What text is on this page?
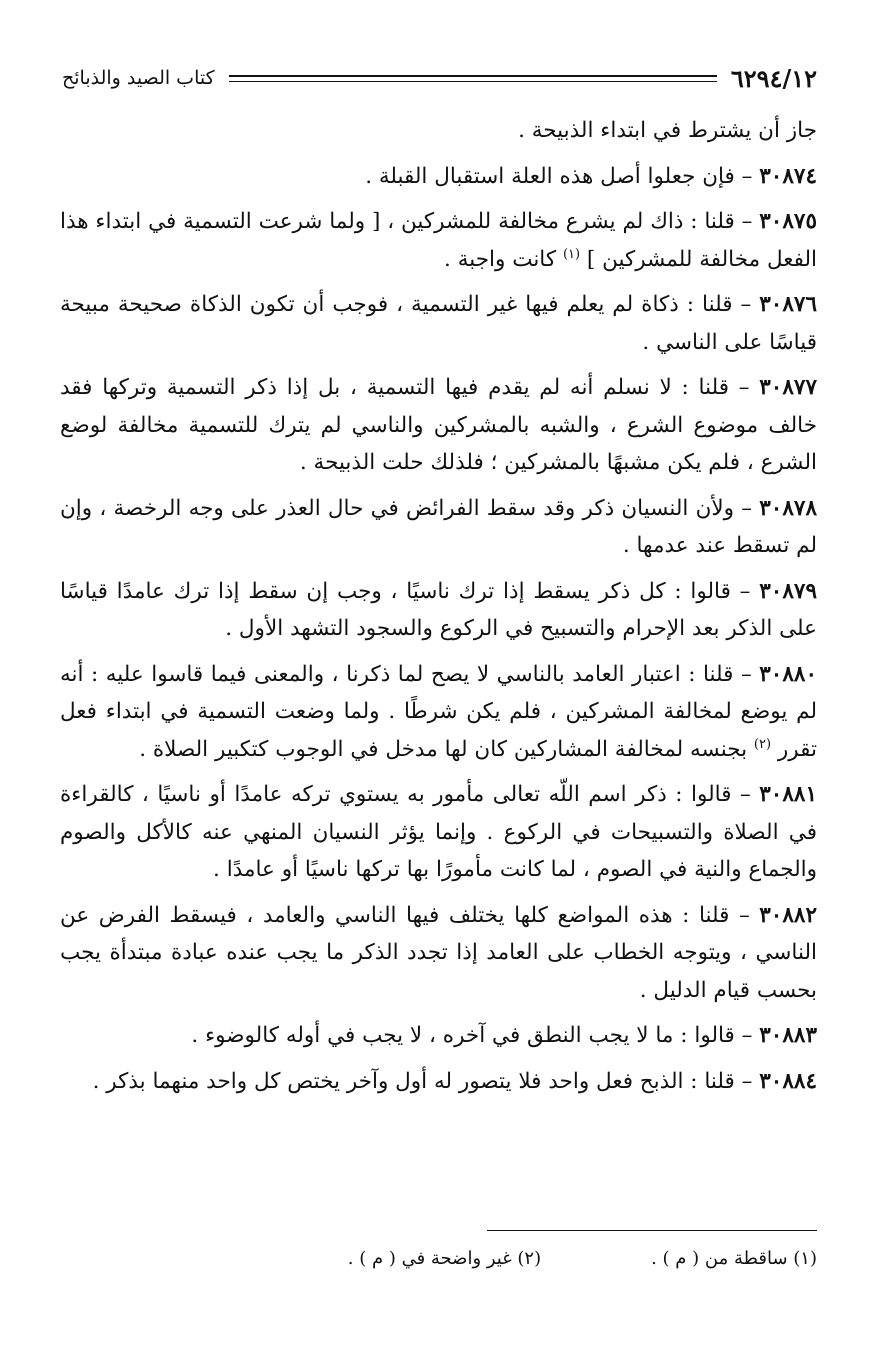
٦٢٩٤/١٢
كتاب الصيد والذبائح

جاز أن يشترط في ابتداء الذبيحة .

٣٠٨٧٤ – فإن جعلوا أصل هذه العلة استقبال القبلة .

٣٠٨٧٥ – قلنا : ذاك لم يشرع مخالفة للمشركين ، [ ولما شرعت التسمية في ابتداء هذا الفعل مخالفة للمشركين ] $^{(١)}$ كانت واجبة .

٣٠٨٧٦ – قلنا : ذكاة لم يعلم فيها غير التسمية ، فوجب أن تكون الذكاة صحيحة مبيحة قياسًا على الناسي .

٣٠٨٧٧ – قلنا : لا نسلم أنه لم يقدم فيها التسمية ، بل إذا ذكر التسمية وتركها فقد خالف موضوع الشرع ، والشبه بالمشركين والناسي لم يترك للتسمية مخالفة لوضع الشرع ، فلم يكن مشبهًا بالمشركين ؛ فلذلك حلت الذبيحة .

٣٠٨٧٨ – ولأن النسيان ذكر وقد سقط الفرائض في حال العذر على وجه الرخصة ، وإن لم تسقط عند عدمها .

٣٠٨٧٩ – قالوا : كل ذكر يسقط إذا ترك ناسيًا ، وجب إن سقط إذا ترك عامدًا قياسًا على الذكر بعد الإحرام والتسبيح في الركوع والسجود التشهد الأول .

٣٠٨٨٠ – قلنا : اعتبار العامد بالناسي لا يصح لما ذكرنا ، والمعنى فيما قاسوا عليه : أنه لم يوضع لمخالفة المشركين ، فلم يكن شرطًا . ولما وضعت التسمية في ابتداء فعل تقرر $^{(٢)}$ بجنسه لمخالفة المشاركين كان لها مدخل في الوجوب كتكبير الصلاة .

٣٠٨٨١ – قالوا : ذكر اسم اللّه تعالى مأمور به يستوي تركه عامدًا أو ناسيًا ، كالقراءة في الصلاة والتسبيحات في الركوع . وإنما يؤثر النسيان المنهي عنه كالأكل والصوم والجماع والنية في الصوم ، لما كانت مأمورًا بها تركها ناسيًا أو عامدًا .

٣٠٨٨٢ – قلنا : هذه المواضع كلها يختلف فيها الناسي والعامد ، فيسقط الفرض عن الناسي ، ويتوجه الخطاب على العامد إذا تجدد الذكر ما يجب عنده عبادة مبتدأة يجب بحسب قيام الدليل .

٣٠٨٨٣ – قالوا : ما لا يجب النطق في آخره ، لا يجب في أوله كالوضوء .

٣٠٨٨٤ – قلنا : الذبح فعل واحد فلا يتصور له أول وآخر يختص كل واحد منهما بذكر .

(١) ساقطة من ( م ) .
(٢) غير واضحة في ( م ) .
